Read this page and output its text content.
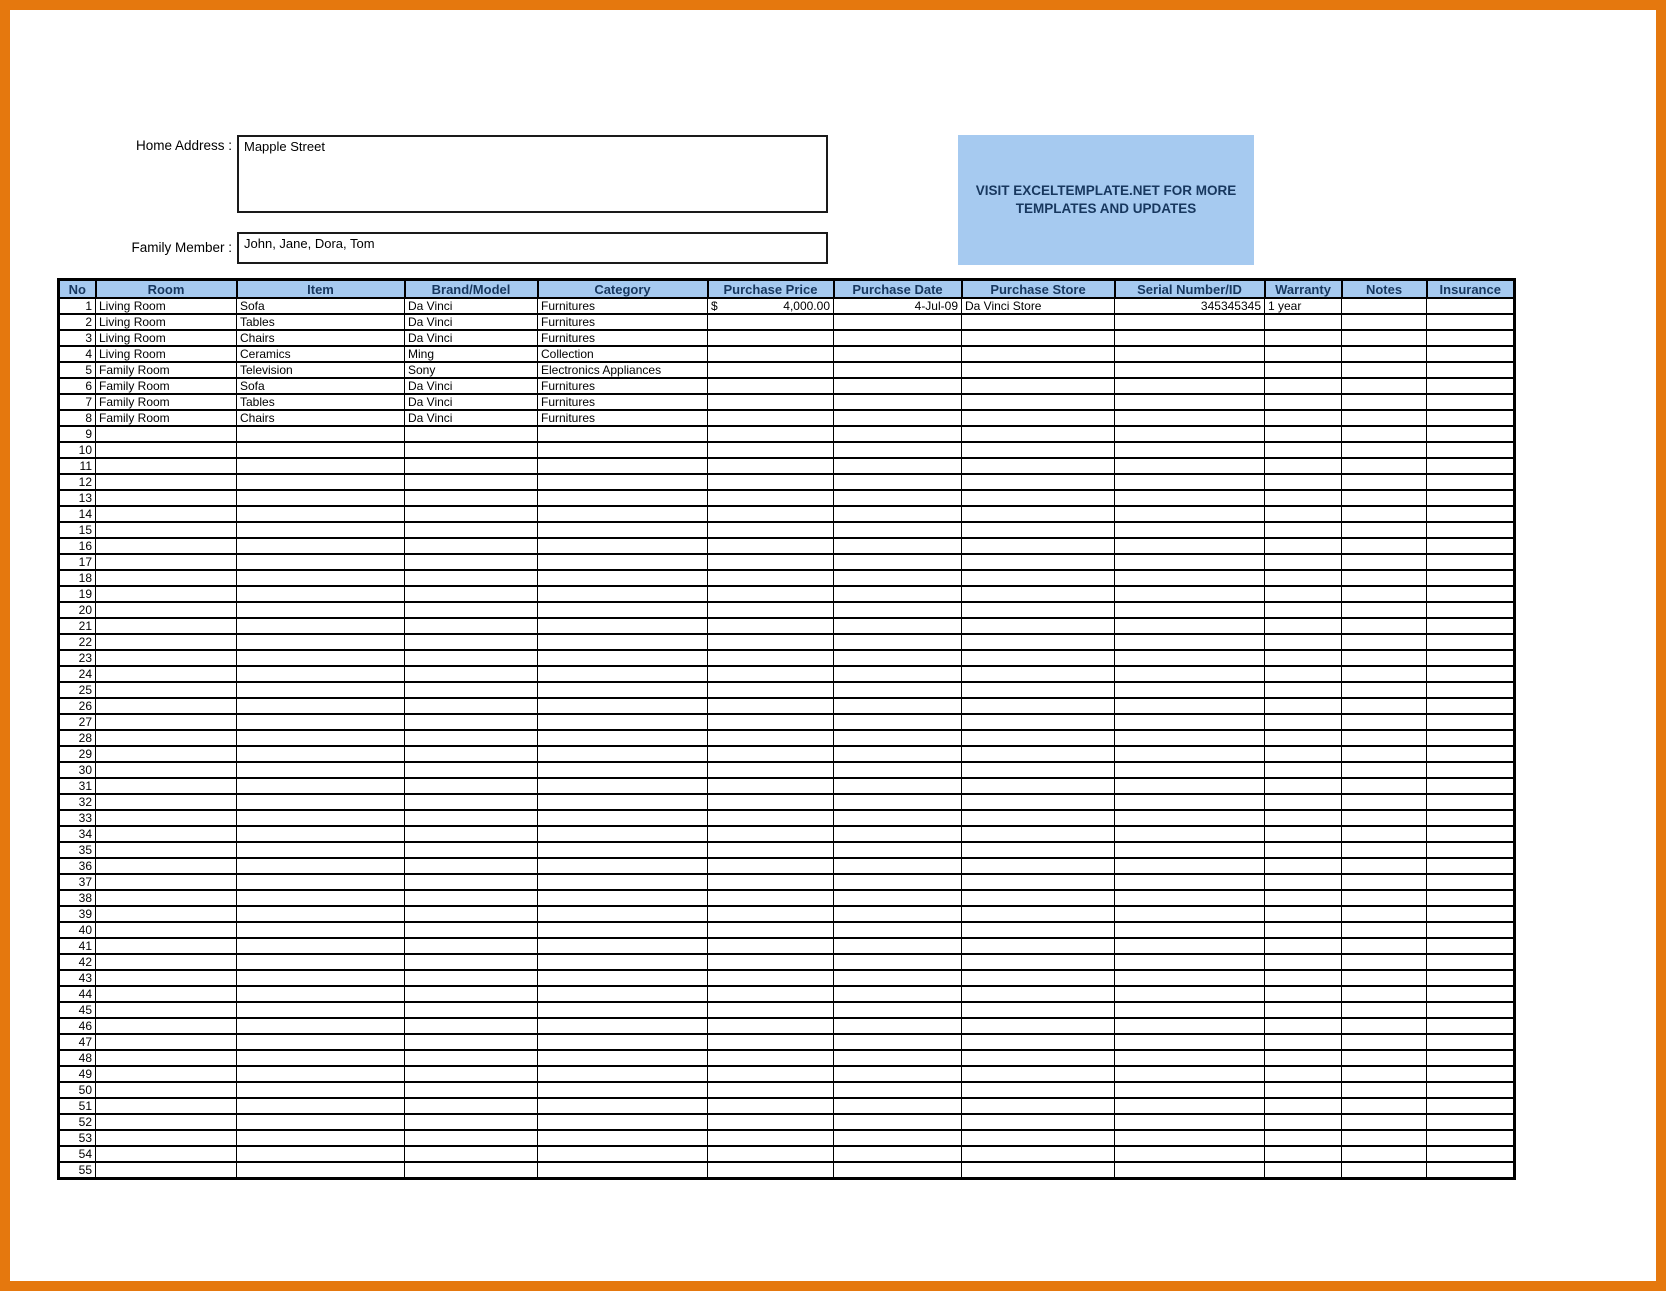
Home Address : Mapple Street
Family Member : John, Jane, Dora, Tom
VISIT EXCELTEMPLATE.NET FOR MORE
TEMPLATES AND UPDATES
No	Room	Item	Brand/Model	Category	Purchase Price	Purchase Date	Purchase Store	Serial Number/ID	Warranty	Notes	Insurance
1	Living Room	Sofa	Da Vinci	Furnitures	$ 4,000.00	4-Jul-09	Da Vinci Store	345345345	1 year		
2	Living Room	Tables	Da Vinci	Furnitures							
3	Living Room	Chairs	Da Vinci	Furnitures							
4	Living Room	Ceramics	Ming	Collection							
5	Family Room	Television	Sony	Electronics Appliances							
6	Family Room	Sofa	Da Vinci	Furnitures							
7	Family Room	Tables	Da Vinci	Furnitures							
8	Family Room	Chairs	Da Vinci	Furnitures							
9											
10											
11											
12											
13											
14											
15											
16											
17											
18											
19											
20											
21											
22											
23											
24											
25											
26											
27											
28											
29											
30											
31											
32											
33											
34											
35											
36											
37											
38											
39											
40											
41											
42											
43											
44											
45											
46											
47											
48											
49											
50											
51											
52											
53											
54											
55											
